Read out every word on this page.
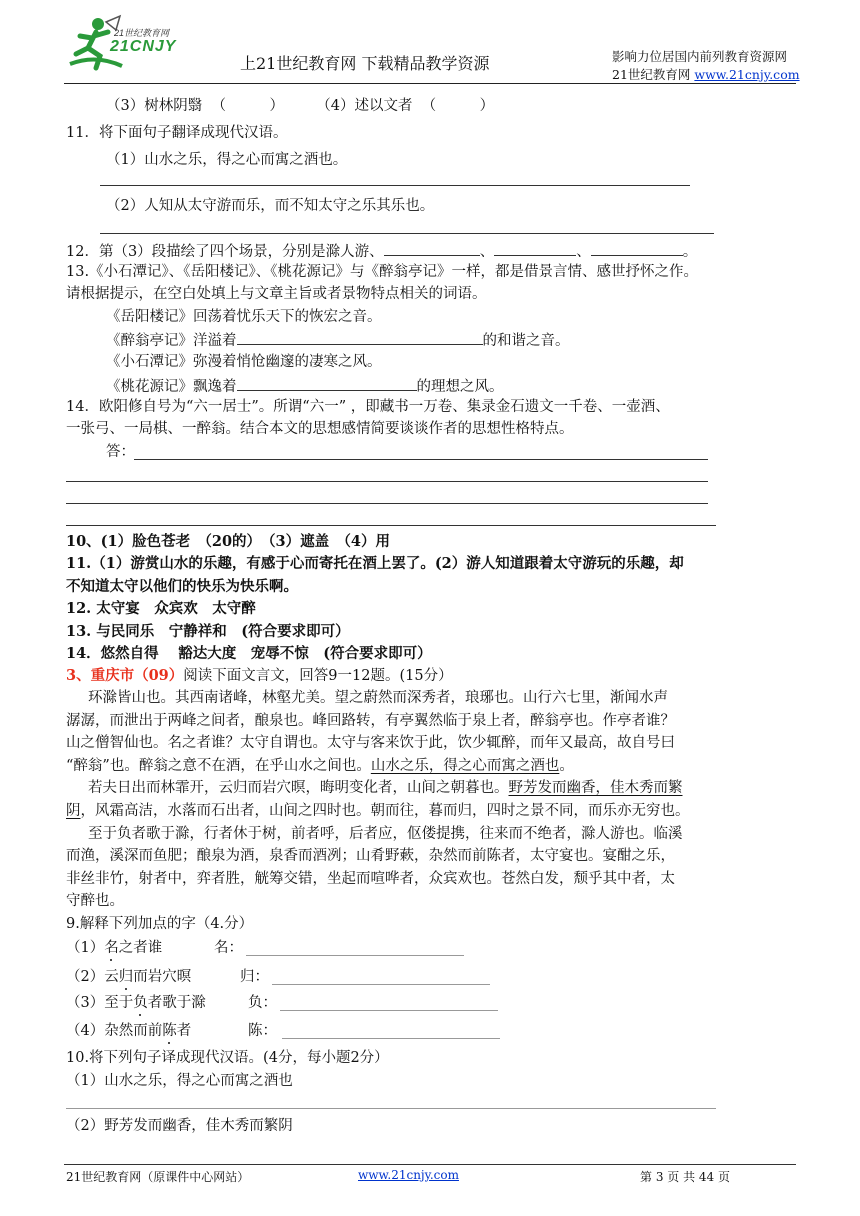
21世纪教育网
21CNJY
上21世纪教育网 下载精品教学资源	影响力位居国内前列教育资源网
21世纪教育网 www.21cnjy.com
（3）树林阴翳 （　　　） （4）述以文者 （　　　）
11．将下面句子翻译成现代汉语。
（1）山水之乐，得之心而寓之酒也。
（2）人知从太守游而乐，而不知太守之乐其乐也。
12．第（3）段描绘了四个场景，分别是滁人游、	、	、	。
13.《小石潭记》、《岳阳楼记》、《桃花源记》与《醉翁亭记》一样，都是借景言情、感世抒怀之作。
请根据提示，在空白处填上与文章主旨或者景物特点相关的词语。
《岳阳楼记》回荡着忧乐天下的恢宏之音。
《醉翁亭记》洋溢着	的和谐之音。
《小石潭记》弥漫着悄怆幽邃的凄寒之风。
《桃花源记》飘逸着	的理想之风。
14．欧阳修自号为“六一居士”。所谓“六一” ，即藏书一万卷、集录金石遗文一千卷、一壶酒、
一张弓、一局棋、一醉翁。结合本文的思想感情简要谈谈作者的思想性格特点。
答：
10、(1）脸色苍老　（20的）　（3）遮盖　（4）用
11.（1）游赏山水的乐趣，有感于心而寄托在酒上罢了。(2）游人知道跟着太守游玩的乐趣，却
不知道太守以他们的快乐为快乐啊。
12. 太守宴　众宾欢　太守醉
13. 与民同乐　宁静祥和　(符合要求即可）
14．悠然自得　 豁达大度　宠辱不惊　(符合要求即可）
3、重庆市（09）阅读下面文言文，回答9一12题。(15分）
环滁皆山也。其西南诸峰，林壑尤美。望之蔚然而深秀者，琅琊也。山行六七里，渐闻水声
潺潺，而泄出于两峰之间者，酿泉也。峰回路转，有亭翼然临于泉上者，醉翁亭也。作亭者谁？
山之僧智仙也。名之者谁？太守自谓也。太守与客来饮于此，饮少辄醉，而年又最高，故自号曰
“醉翁”也。醉翁之意不在酒，在乎山水之间也。山水之乐，得之心而寓之酒也。
若夫日出而林霏开，云归而岩穴暝，晦明变化者，山间之朝暮也。野芳发而幽香，佳木秀而繁
阴，风霜高洁，水落而石出者，山间之四时也。朝而往，暮而归，四时之景不同，而乐亦无穷也。
至于负者歌于滁，行者休于树，前者呼，后者应，伛偻提携，往来而不绝者，滁人游也。临溪
而渔，溪深而鱼肥；酿泉为酒，泉香而酒冽；山肴野蔌，杂然而前陈者，太守宴也。宴酣之乐，
非丝非竹，射者中，弈者胜，觥筹交错，坐起而喧哗者，众宾欢也。苍然白发，颓乎其中者，太
守醉也。
9.解释下列加点的字（4.分）
（1）名之者谁	名：
（2）云归而岩穴暝	归：
（3）至于负者歌于滁	负：
（4）杂然而前陈者	陈：
10.将下列句子译成现代汉语。(4分，每小题2分）
（1）山水之乐，得之心而寓之酒也
（2）野芳发而幽香，佳木秀而繁阴
21世纪教育网（原课件中心网站）	www.21cnjy.com	第 3 页 共 44 页
